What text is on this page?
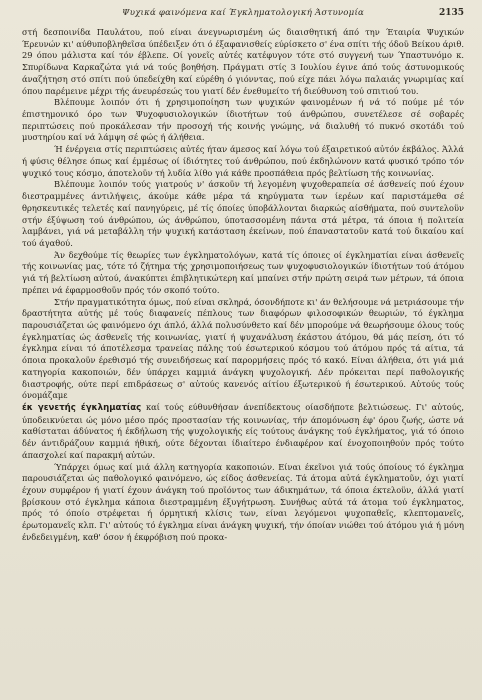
Ψυχικά φαινόμενα καί Έγκληματολογική Άστυνομία	2135

στή δεσποινίδα Παυλάτου, πού είναι άνεγνωρισμένη ώς διαισθητική άπό την Έταιρία Ψυχικών Έρευνών κι' αύθυποβληθεῖσα ύπέδειξεν ότι ό έξαφανισθείς εύρίσκετο σ' ένα σπίτι τής όδοϋ Βείκου άριθ. 29 όπου μάλιστα καί τόν έβλεπε. Οί γονεῖς αὐτές κατέφυγον τότε στό συγγενή των Ύπαστυνόμο κ. Σπυρίδωνα Καρκαζώτα γιά νά τούς βοηθήση. Πράγματι στίς 3 Ιουλίου έγινε άπό τούς άστυνομικούς άναζήτηση στό σπίτι πού ύπεδείχθη καί εύρέθη ό γιόνντας, πού είχε πάει λόγω παλαιάς γνωριμίας καί όπου παρέμεινε μέχρι τής άνευρέσεώς του γιατί δέν ένεθυμείτο τή διεύθυνση τού σπιτιού του.

Βλέπουμε λοιπόν ότι ή χρησιμοποίηση των ψυχικών φαινομένων ή νά τό πούμε μέ τόν έπιστημονικό όρο των Ψυχοφυσιολογικών ίδιοτήτων τού άνθρώπου, συνετέλεσε σέ σοβαρές περιπτώσεις πού προκάλεσαν τήν προσοχή τής κοινής γνώμης, νά διαλυθή τό πυκνό σκοτάδι τού μυστηρίου καί νά λάμψη σέ φώς ή άλήθεια.

Ή ένέργεια στίς περιπτώσεις αὐτές ήταν άμεσος καί λόγω τού έξαιρετικού αὐτόν έκβάλος. Άλλά ή φύσις θέλησε όπως καί έμμέσως οί ίδιότητες τού άνθρώπου, πού έκδηλώνονν κατά φυσικό τρόπο τόν ψυχικό τους κόσμο, άποτελοϋν τή λυδία λίθο γιά κάθε προσπάθεια πρός βελτίωση τής κοινωνίας.

Βλέπουμε λοιπόν τούς γιατρούς ν' άσκοϋν τή λεγομένη ψυχοθεραπεία σέ άσθενείς πού έχουν διεστραμμένες άντιλήψεις, άκούμε κάθε μέρα τά κηρύγματα των ίερέων καί παριστάμεθα σέ θρησκευτικές τελετές καί πανηγύρεις, μέ τίς όποίες ύποβάλλονται διαρκώς αίσθήματα, πού συντελοϋν στήν έξύψωση τού άνθρώπου, ώς άνθρώπου, ύποτασσομένη πάντα στά μέτρα, τά όποια ή πολιτεία λαμβάνει, γιά νά μεταβάλλη τήν ψυχική κατάσταση έκείνων, πού έπαναστατοϋν κατά τού δικαίου καί τού άγαθού.

Άν δεχθούμε τίς θεωρίες των έγκληματολόγων, κατά τίς όποιες οί έγκληματίαι είναι άσθενεῖς τής κοινωνίας μας, τότε τό ζήτημα τής χρησιμοποιήσεως των ψυχοφυσιολογικών ίδιοτήτων τού άτόμου γιά τή βελτίωση αὐτού, άνακύπτει έπιβλητικώτερη καί μπαίνει στήν πρώτη σειρά των μέτρων, τά όποια πρέπει νά έφαρμοσθοϋν πρός τόν σκοπό τούτο.

Στήν πραγματικότητα όμως, πού είναι σκληρά, όσονδήποτε κι' άν θελήσουμε νά μετριάσουμε τήν δραστήτητα αὐτής μέ τούς διαφανείς πέπλους των διαφόρων φιλοσοφικών θεωριών, τό έγκλημα παρουσιάζεται ώς φαινόμενο όχι άπλό, άλλά πολυσύνθετο καί δέν μπορούμε νά θεωρήσουμε όλους τούς έγκληματίας ώς άσθενεῖς τής κοινωνίας, γιατί ή ψυχανάλυση έκάστου άτόμου, θά μάς πείση, ότι τό έγκλημα είναι τό άποτέλεσμα τρανείας πάλης τού έσωτερικού κόσμου τού άτόμου πρός τά αίτια, τά όποια προκαλοϋν έρεθισμό τής συνειδήσεως καί παρορμήσεις πρός τό κακό. Είναι άλήθεια, ότι γιά μιά κατηγορία κακοποιών, δέν ύπάρχει καμμιά άνάγκη ψυχολογική. Δέν πρόκειται περί παθολογικής διαστροφής, ούτε περί επιδράσεως σ' αὐτούς κανενός αίτίου έξωτερικού ή έσωτερικού. Αὐτούς τούς όνομάζαμε

έκ γενετής έγκληματίας καί τούς εύθυνθήσαν άνεπίδεκτους οίασδήποτε βελτιώσεως. Γι' αὐτούς, ύποδεικνύεται ώς μόνο μέσο πρός προστασίαν τής κοινωνίας, τήν άπομόνωση έφ' όρου ζωής, ώστε νά καθίσταται άδύνατος ή έκδήλωση τής ψυχολογικής είς τούτους άνάγκης τού έγκλήματος, γιά τό όποιο δέν άντιδράζουν καμμιά ήθική, ούτε δέχονται ίδιαίτερο ένδιαφέρον καί ένοχοποιηθούν πρός τούτο άπασχολεί καί παρακμή αὐτών.

Ύπάρχει όμως καί μιά άλλη κατηγορία κακοποιών. Είναι έκεῖνοι γιά τούς όποίους τό έγκλημα παρουσιάζεται ώς παθολογικό φαινόμενο, ώς είδος άσθενείας. Τά άτομα αὐτά έγκληματοῦν, όχι γιατί έχουν συμφέρον ή γιατί έχουν άνάγκη τού προϊόντος των άδικημάτων, τά όποια έκτελοϋν, άλλά γιατί βρίσκουν στό έγκλημα κάποια διεστραμμένη έξυγήτρωση. Συνήθως αὐτά τά άτομα τού έγκληματος, πρός τό όποίο στρέφεται ή όρμητική κλίσις των, είναι λεγόμενοι ψυχοπαθεῖς, κλεπτομανεῖς, έρωτομανεῖς κλπ. Γι' αὐτούς τό έγκλημα είναι άνάγκη ψυχική, τήν όποίαν νιώθει τού άτόμου γιά ή μόνη ένδεδειγμένη, καθ' όσον ή έκφρόβιση πού προκα-
